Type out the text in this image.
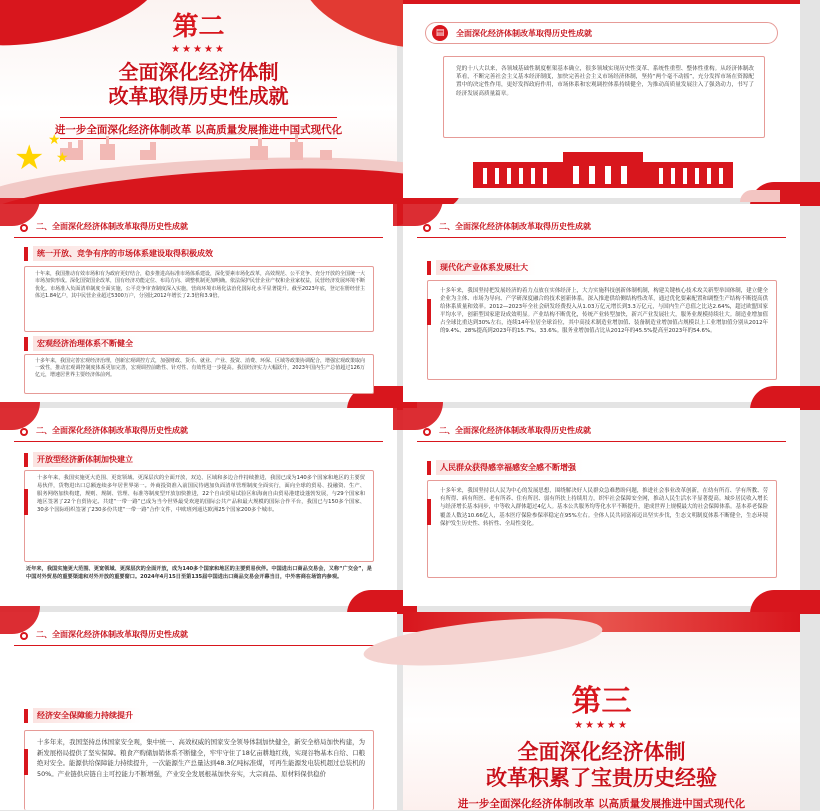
第二
★★★★★
全面深化经济体制
改革取得历史性成就
进一步全面深化经济体制改革 以高质量发展推进中国式现代化
★ ★
★
▤	全面深化经济体制改革取得历史性成就
党的十八大以来，各领域基础性制度框架基本确立，很多领域实现历史性变革、系统性重塑、整体性重构。从经济体制改革看，不断完善社会主义基本经济制度，加快完善社会主义市场经济体制，坚持“两个毫不动摇”，充分发挥市场在资源配置中的决定性作用，更好发挥政府作用，市场体系和宏观调控体系持续健全，为推动高质量发展注入了强劲动力，书写了经济发展高质量篇章。
二、全面深化经济体制改革取得历史性成就
统一开放、竞争有序的市场体系建设取得积极成效
十年来，我国推动有效市场和有为政府更好结合，稳步推进高标准市场体系建设，深化要素市场化改革，高效规范、公平竞争、充分开放的全国统一大市场加快形成。深化国资国企改革，国有经济功能定位、布局方向、调整机制更加明确。依法保护民营企业产权和企业家权益，民营经济发展环境不断优化。市场准入负面清单制度全面实施，公平竞争审查制度深入实施，营商环境市场化法治化国际化水平显著提升。截至2023年底，登记在册经营主体达1.84亿户，其中民营企业超过5300万户，分别比2012年增长了2.3倍和3.9倍。
宏观经济治理体系不断健全
十多年来，我国完善宏观经济治理，创新宏观调控方式，加强财政、货币、就业、产业、投资、消费、环保、区域等政策协调配合，增强宏观政策取向一致性，推动宏观调控制度体系更加完善，宏观调控前瞻性、针对性、有效性进一步提高。我国经济实力大幅跃升，2023年国内生产总值超过126万亿元，增速居世界主要经济体前列。
二、全面深化经济体制改革取得历史性成就
现代化产业体系发展壮大
十多年来，我国坚持把发展经济的着力点放在实体经济上，大力实施科技创新体制机制，构建关键核心技术攻关新型举国体制，建立健全企业为主体、市场为导向、产学研深度融合的技术创新体系。深入推进供给侧结构性改革，通过优化要素配置和调整生产结构不断提高供给体系质量和效率。2012—2023年全社会研发经费投入从1.03万亿元增长到3.3万亿元，与国内生产总值之比达2.64%，超过欧盟国家平均水平，创新型国家建设成效明显。产业结构不断优化，传统产业转型加快，新兴产业发展壮大，服务业规模持续壮大。制造业增加值占全球比重达到30%左右，连续14年位居全球首位，其中高技术制造业增加值、装备制造业增加值占规模以上工业增加值分别从2012年的9.4%、28%提高到2023年的15.7%、33.6%。服务业增加值占比从2012年的45.5%提高至2023年的54.6%。
二、全面深化经济体制改革取得历史性成就
开放型经济新体制加快建立
十多年来，我国实施更大范围、更宽领域、更深层次的全面开放，双边、区域和多边合作持续推进，我国已成为140多个国家和地区的主要贸易伙伴，货物进出口总额连续多年居世界第一。外商投资准入前国民待遇加负面清单管理制度全面实行，面向全球的贸易、投融资、生产、服务网络加快构建，规则、规制、管理、标准等制度型开放加快推进，22个自由贸易试验区和海南自由贸易港建设蓬勃发展，与29个国家和地区签署了22个自贸协定。共建“一带一路”已成为当今世界最受欢迎的国际公共产品和最大规模的国际合作平台，我国已与150多个国家、30多个国际组织签署了230多份共建“一带一路”合作文件，中欧班列通达欧洲25个国家200多个城市。
近年来，我国实施更大范围、更宽领域、更深层次的全面开放，成为140多个国家和地区的主要贸易伙伴。中国进出口商品交易会，又称“广交会”，是中国对外贸易的重要渠道和对外开放的重要窗口。2024年4月15日至第135届中国进出口商品交易会开幕当日，中外客商在场馆内参观。
二、全面深化经济体制改革取得历史性成就
人民群众获得感幸福感安全感不断增强
十多年来，我国坚持以人民为中心的发展思想，围绕解决好人民群众急难愁盼问题，推进社会事业改革创新，在幼有所育、学有所教、劳有所得、病有所医、老有所养、住有所居、弱有所扶上持续用力，织牢社会保障安全网，推动人民生活水平显著提高。城乡居民收入增长与经济增长基本同步，中等收入群体超过4亿人。基本公共服务均等化水平不断提升，建成世界上规模最大的社会保障体系。基本养老保险覆盖人数达10.66亿人，基本医疗保险参保率稳定在95%左右。全体人民共同富裕迈出坚实步伐，生态文明制度体系不断健全，生态环境保护发生历史性、转折性、全局性变化。
二、全面深化经济体制改革取得历史性成就
经济安全保障能力持续提升
十多年来，我国坚持总体国家安全观，集中统一、高效权威的国家安全领导体制加快健全，新安全格局加快构建，为新发展格局提供了坚实保障。粮食产购储加销体系不断健全，牢牢守住了18亿亩耕地红线，实现谷物基本自给、口粮绝对安全。能源供给保障能力持续提升，一次能源生产总量达到48.3亿吨标准煤，可再生能源发电装机超过总装机的50%。产业链供应链自主可控能力不断增强，产业安全发展根基加快夯实，大宗商品、原材料保供稳价
第三
★★★★★
全面深化经济体制
改革积累了宝贵历史经验
进一步全面深化经济体制改革 以高质量发展推进中国式现代化
